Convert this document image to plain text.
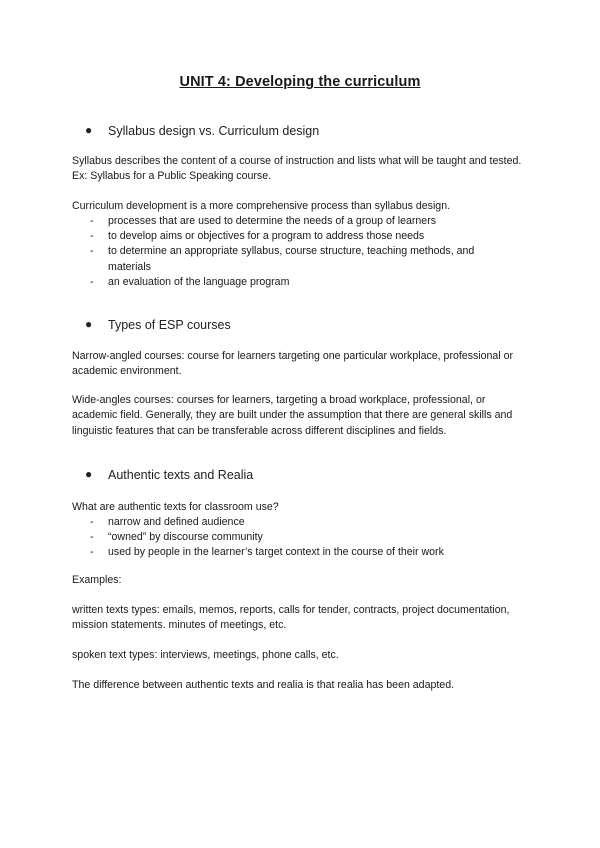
UNIT 4: Developing the curriculum
● Syllabus design vs. Curriculum design

Syllabus describes the content of a course of instruction and lists what will be taught and tested. Ex: Syllabus for a Public Speaking course.

Curriculum development is a more comprehensive process than syllabus design.

- processes that are used to determine the needs of a group of learners
- to develop aims or objectives for a program to address those needs
- to determine an appropriate syllabus, course structure, teaching methods, and materials
- an evaluation of the language program
● Types of ESP courses

Narrow-angled courses: course for learners targeting one particular workplace, professional or academic environment.

Wide-angles courses: courses for learners, targeting a broad workplace, professional, or academic field. Generally, they are built under the assumption that there are general skills and linguistic features that can be transferable across different disciplines and fields.

● Authentic texts and Realia

What are authentic texts for classroom use?

- narrow and defined audience
- “owned” by discourse community
- used by people in the learner’s target context in the course of their work

Examples:

written texts types: emails, memos, reports, calls for tender, contracts, project documentation, mission statements. minutes of meetings, etc.

spoken text types: interviews, meetings, phone calls, etc.

The difference between authentic texts and realia is that realia has been adapted.
